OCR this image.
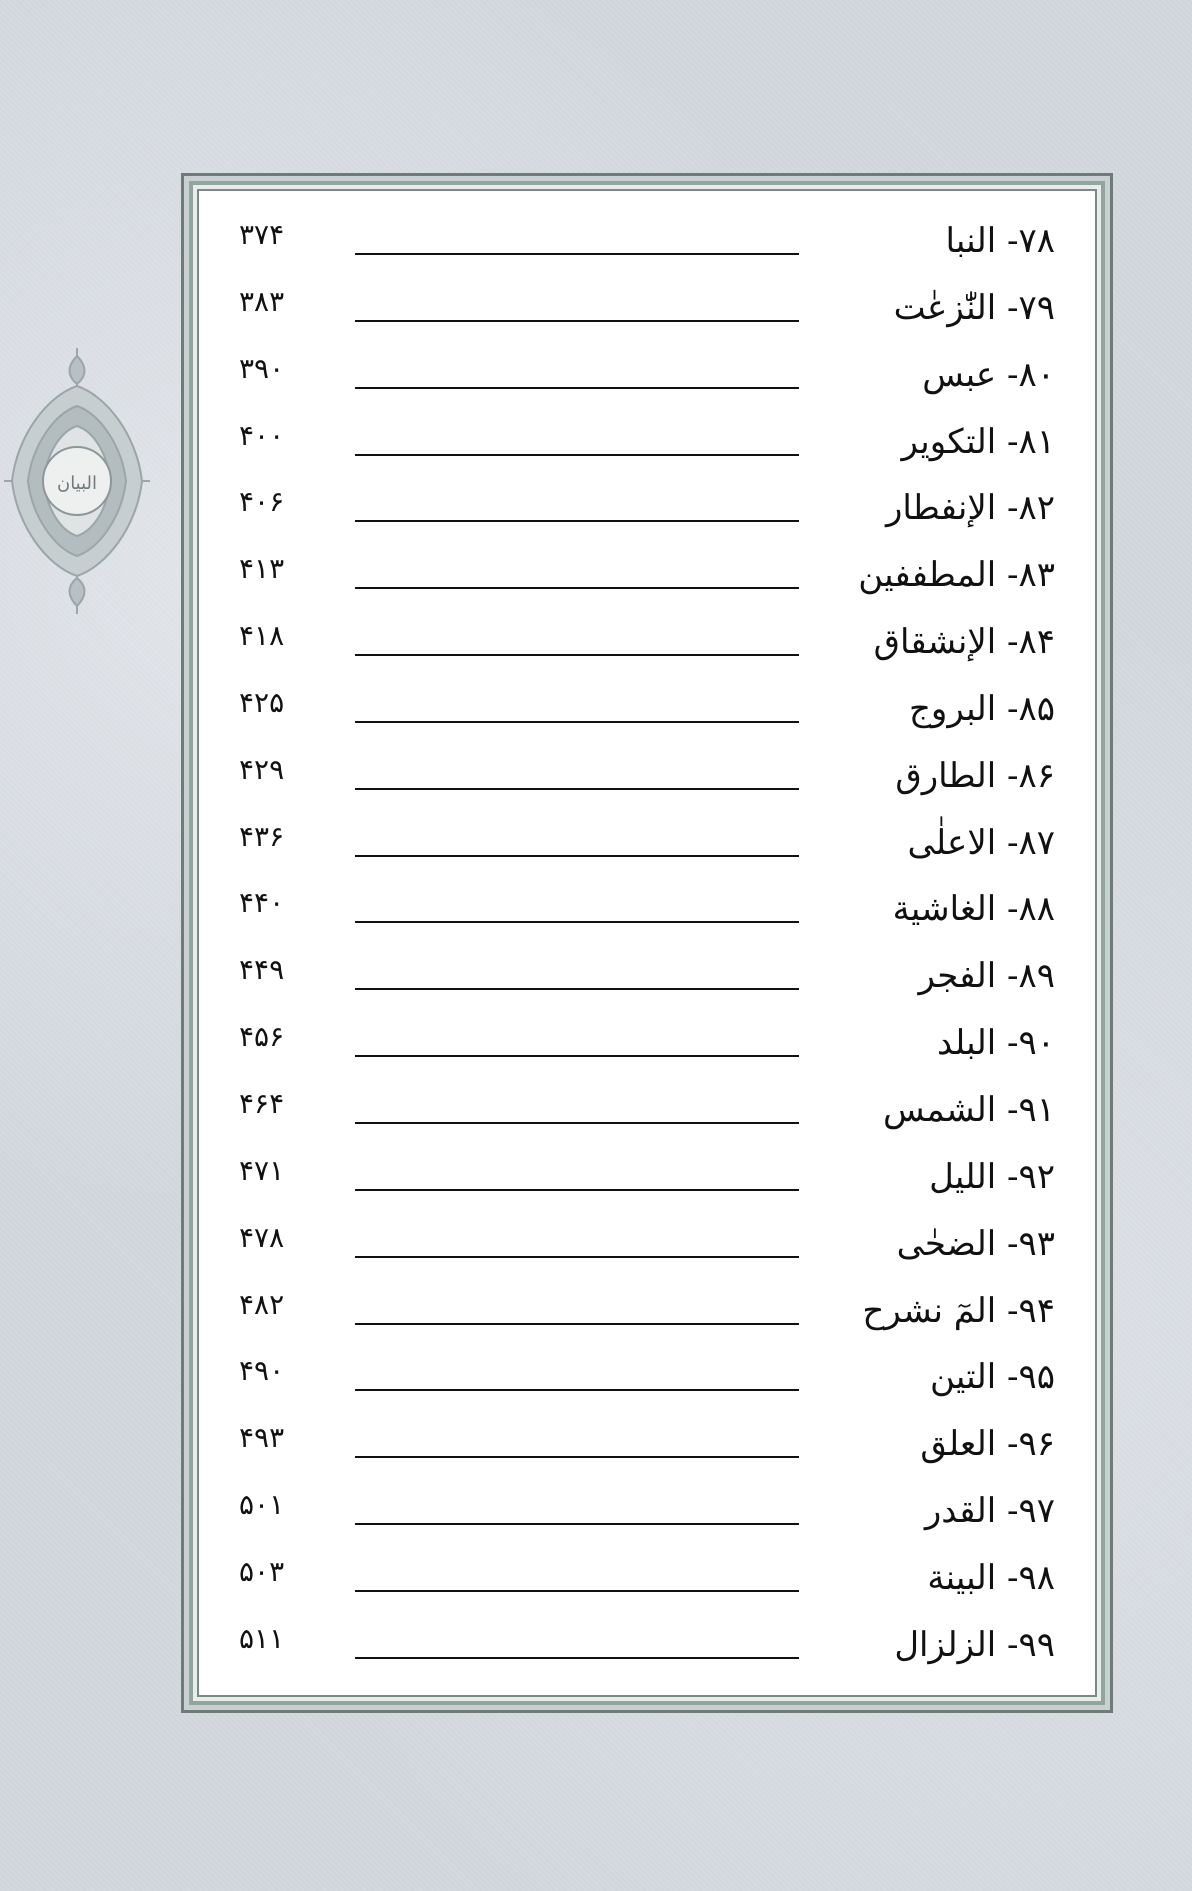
البيان
۷۸- النبا
۳۷۴
۷۹- النّٰزعٰت
۳۸۳
۸۰- عبس
۳۹۰
۸۱- التکویر
۴۰۰
۸۲- الإنفطار
۴۰۶
۸۳- المطففین
۴۱۳
۸۴- الإنشقاق
۴۱۸
۸۵- البروج
۴۲۵
۸۶- الطارق
۴۲۹
۸۷- الاعلٰی
۴۳۶
۸۸- الغاشیة
۴۴۰
۸۹- الفجر
۴۴۹
۹۰- البلد
۴۵۶
۹۱- الشمس
۴۶۴
۹۲- اللیل
۴۷۱
۹۳- الضحٰی
۴۷۸
۹۴- المٓ نشرح
۴۸۲
۹۵- التین
۴۹۰
۹۶- العلق
۴۹۳
۹۷- القدر
۵۰۱
۹۸- البینة
۵۰۳
۹۹- الزلزال
۵۱۱
